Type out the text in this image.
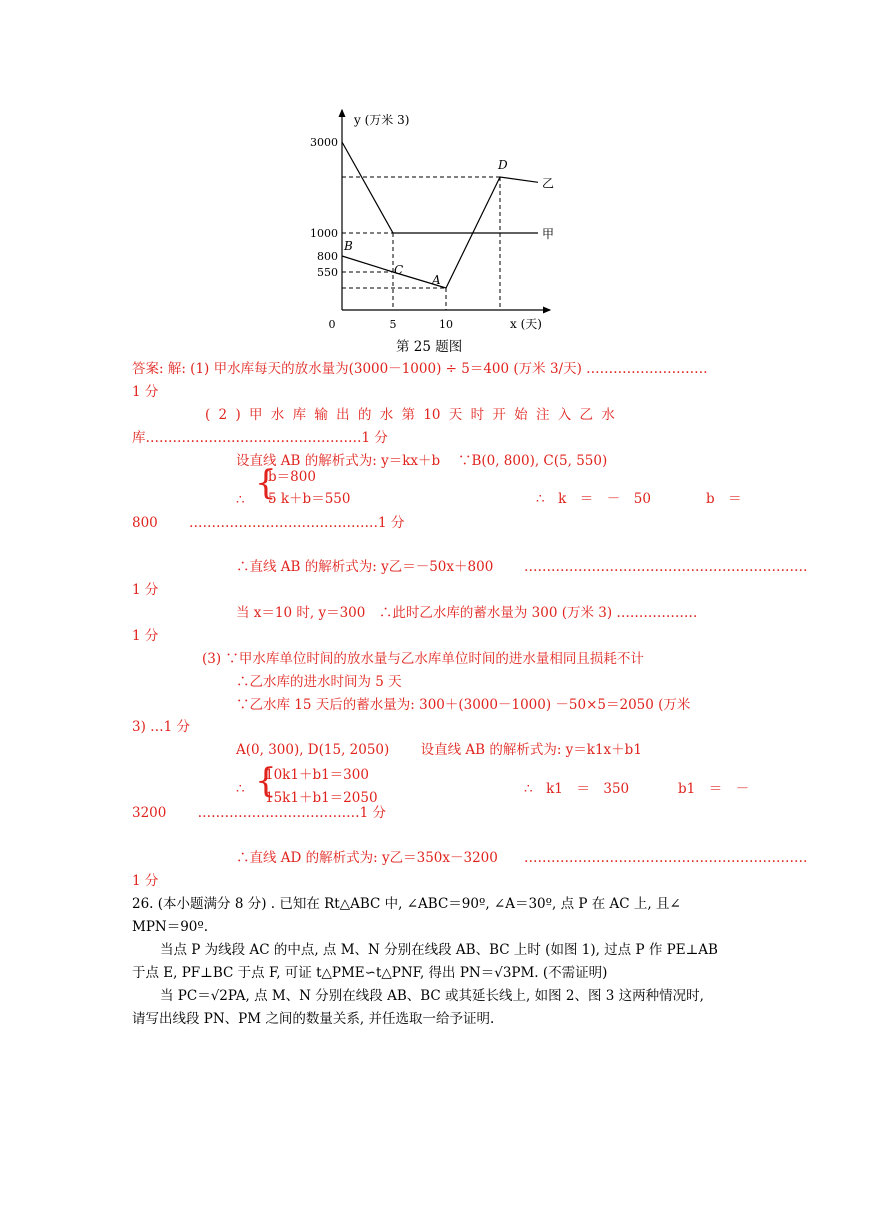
甲
乙
3000
1000
800
550
0	5	10
y (万米 3)
x (天)
B
C
A
D
第 25 题图
答案: 解: (1) 甲水库每天的放水量为(3000－1000) ÷ 5＝400 (万米 3/天) ………………………
1 分
( 2 ) 甲 水 库 输 出 的 水 第 10 天 时 开 始 注 入 乙 水
库…………………………………………1 分
设直线 AB 的解析式为: y＝kx＋b　 ∵B(0, 800), C(5, 550)
∴ {
b＝800
5 k＋b＝550	∴　k　＝　－　50	b　＝
800　　 ……………………………………1 分
∴直线 AB 的解析式为: y乙＝－50x＋800 ………………………………………………………
1 分
当 x＝10 时, y＝300　∴此时乙水库的蓄水量为 300 (万米 3) ………………
1 分
(3) ∵甲水库单位时间的放水量与乙水库单位时间的进水量相同且损耗不计
∴乙水库的进水时间为 5 天
∵乙水库 15 天后的蓄水量为: 300＋(3000－1000) －50×5＝2050 (万米
3) …1 分
A(0, 300), D(15, 2050)　　 设直线 AB 的解析式为: y＝k1x＋b1
∴ {
10k1＋b1＝300
15k1＋b1＝2050
∴　k1　＝　350	b1　＝　－
3200　　 ………………………………1 分
∴直线 AD 的解析式为: y乙＝350x－3200 ………………………………………………………
1 分
26. (本小题满分 8 分) . 已知在 Rt△ABC 中, ∠ABC＝90º, ∠A＝30º, 点 P 在 AC 上, 且∠
MPN＝90º.
当点 P 为线段 AC 的中点, 点 M、N 分别在线段 AB、BC 上时 (如图 1), 过点 P 作 PE⊥AB
于点 E, PF⊥BC 于点 F, 可证 t△PME∽t△PNF, 得出 PN＝√3PM. (不需证明)
当 PC＝√2PA, 点 M、N 分别在线段 AB、BC 或其延长线上, 如图 2、图 3 这两种情况时,
请写出线段 PN、PM 之间的数量关系, 并任选取一给予证明.
